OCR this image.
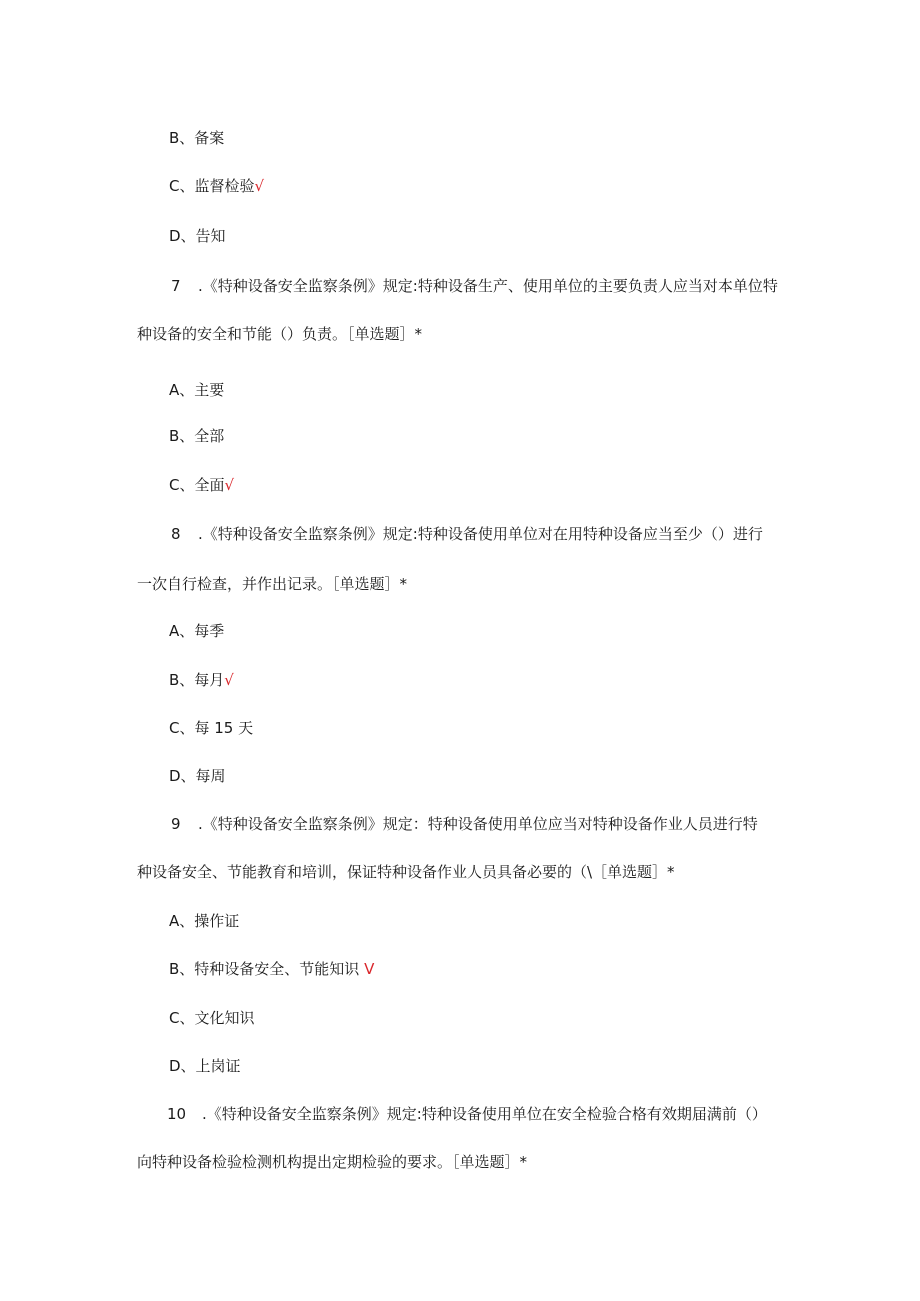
B、备案
C、监督检验√
D、告知
7 .《特种设备安全监察条例》规定:特种设备生产、使用单位的主要负责人应当对本单位特
种设备的安全和节能（）负责。［单选题］*
A、主要
B、全部
C、全面√
8 .《特种设备安全监察条例》规定:特种设备使用单位对在用特种设备应当至少（）进行
一次自行检查，并作出记录。［单选题］*
A、每季
B、每月√
C、每 15 天
D、每周
9 .《特种设备安全监察条例》规定：特种设备使用单位应当对特种设备作业人员进行特
种设备安全、节能教育和培训，保证特种设备作业人员具备必要的（\［单选题］*
A、操作证
B、特种设备安全、节能知识 V
C、文化知识
D、上岗证
10 .《特种设备安全监察条例》规定:特种设备使用单位在安全检验合格有效期届满前（）
向特种设备检验检测机构提出定期检验的要求。［单选题］*
